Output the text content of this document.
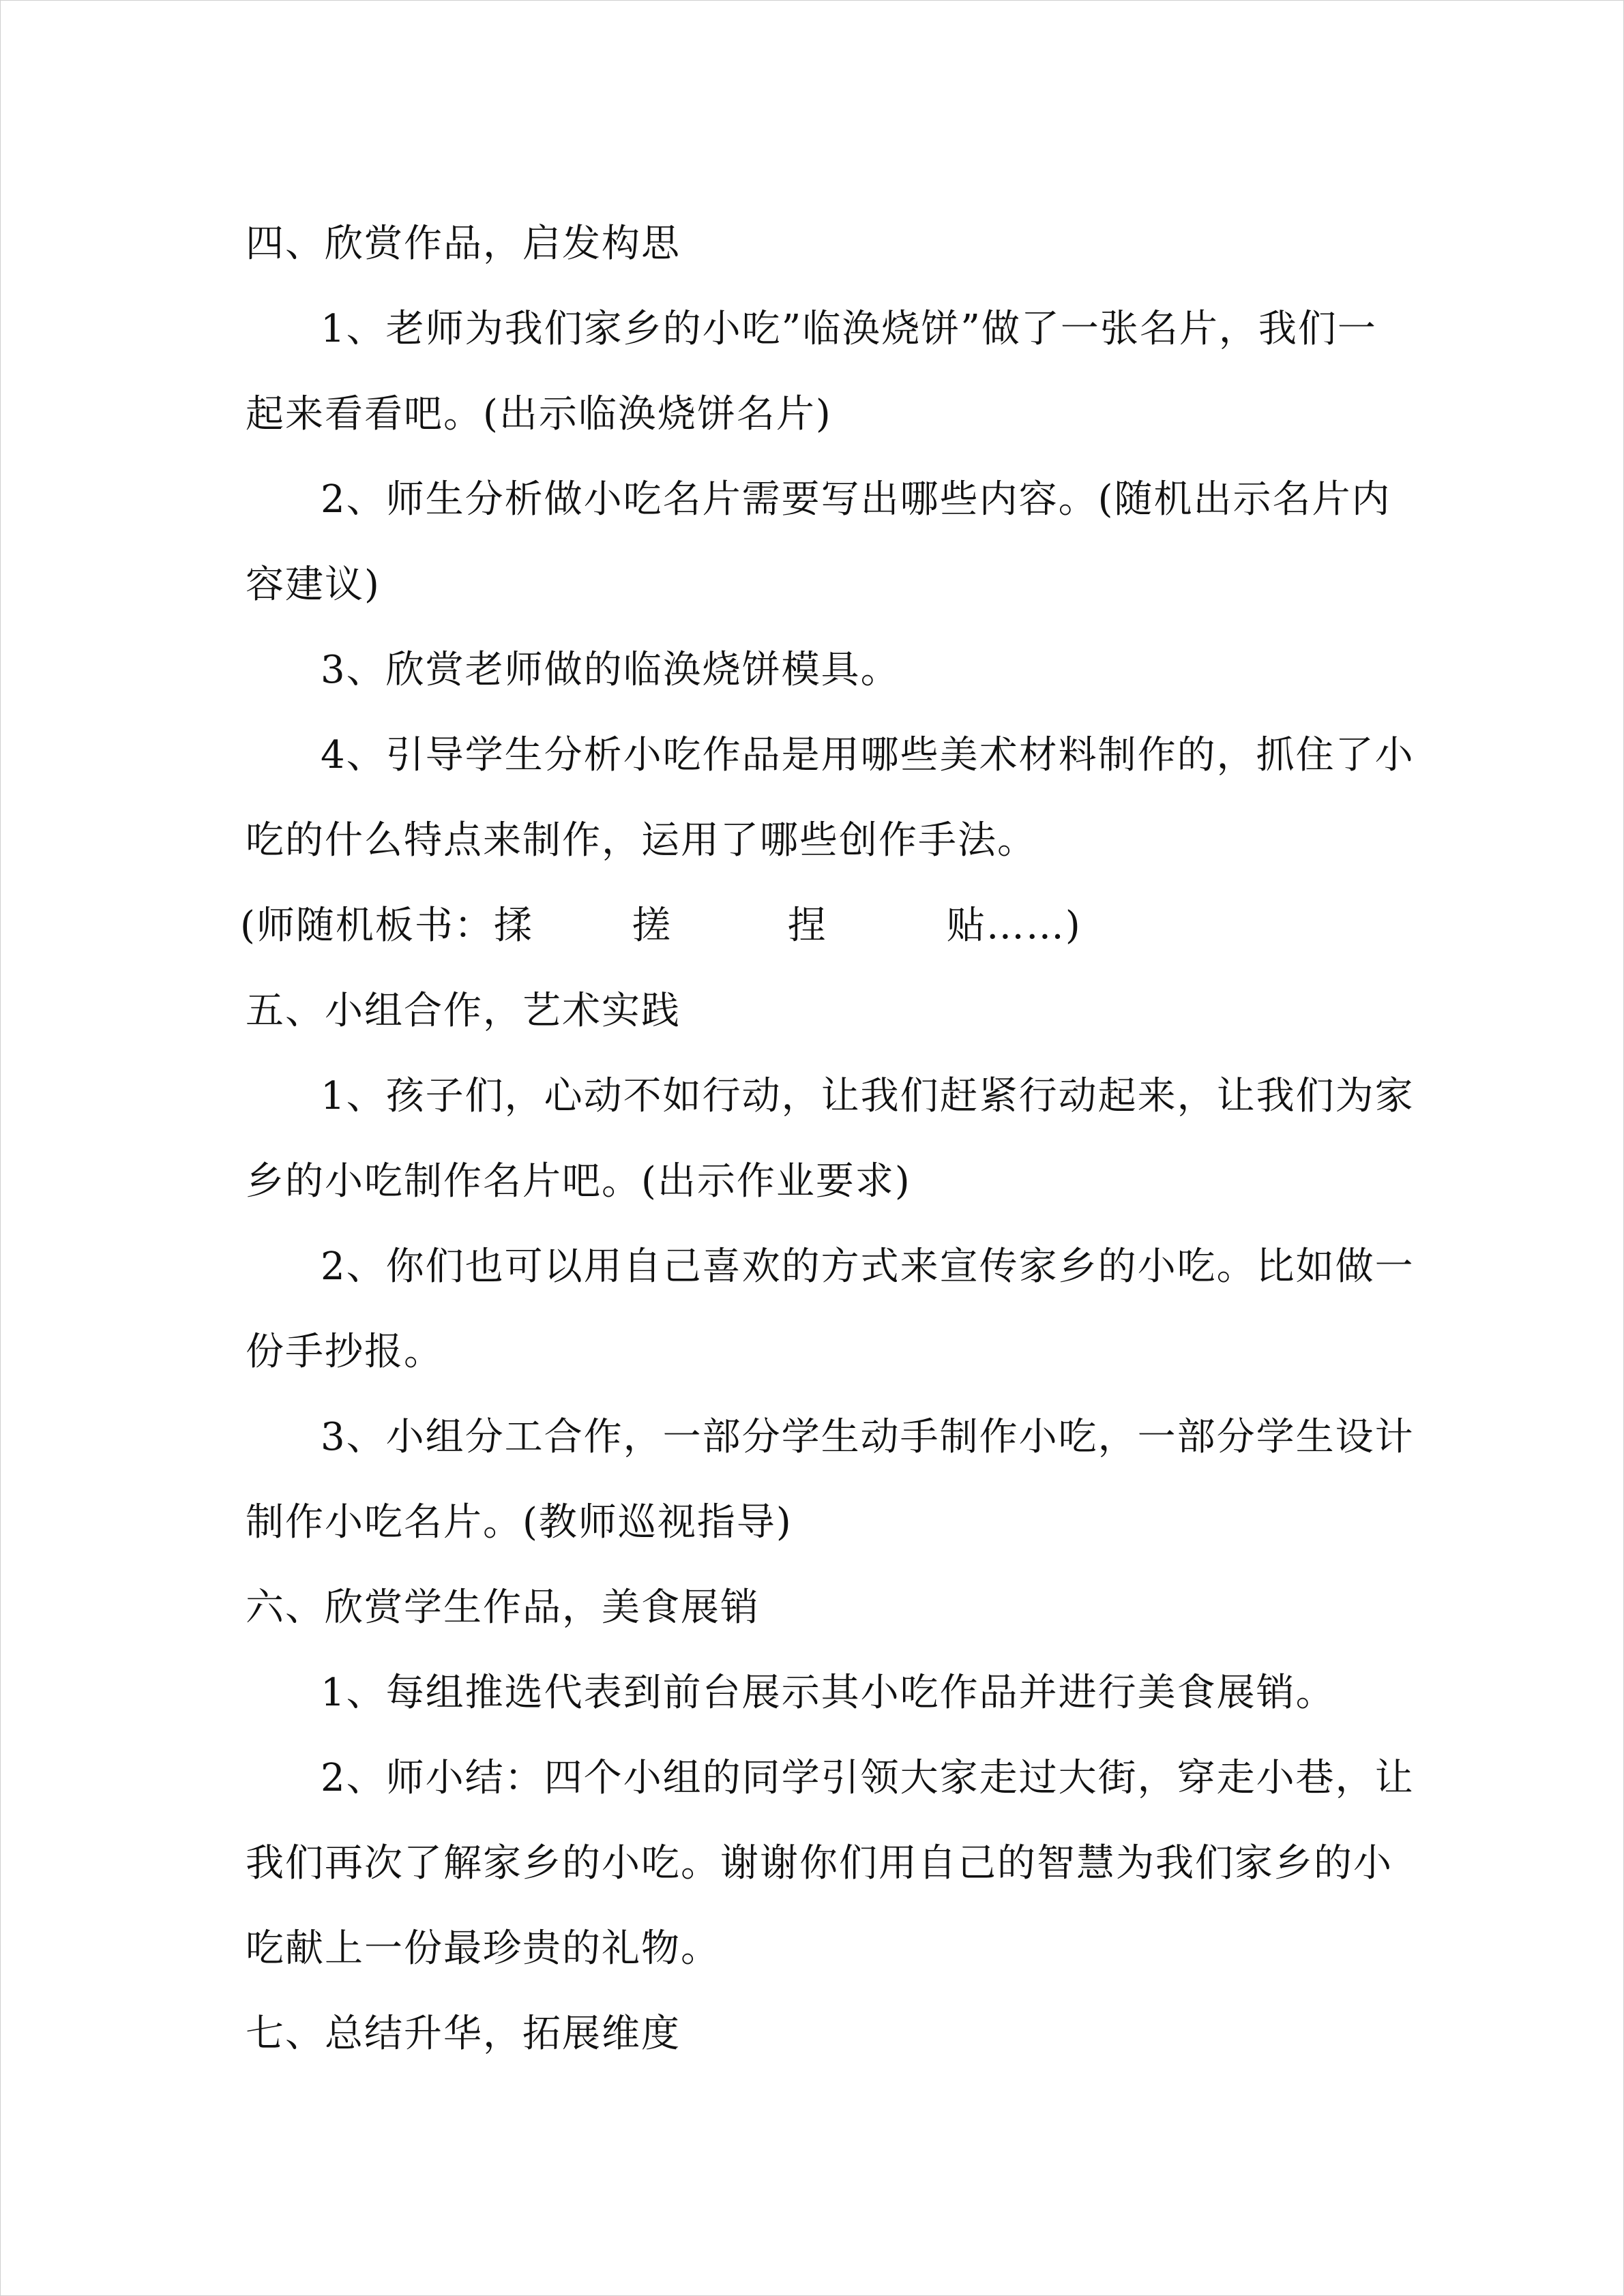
四、欣赏作品，启发构思
1、老师为我们家乡的小吃”临涣烧饼”做了一张名片，我们一
起来看看吧。(出示临涣烧饼名片)
2、师生分析做小吃名片需要写出哪些内容。(随机出示名片内
容建议)
3、欣赏老师做的临涣烧饼模具。
4、引导学生分析小吃作品是用哪些美术材料制作的，抓住了小
吃的什么特点来制作，运用了哪些创作手法。
(师随机板书：揉	搓	捏	贴……)
五、小组合作，艺术实践
1、孩子们，心动不如行动，让我们赶紧行动起来，让我们为家
乡的小吃制作名片吧。(出示作业要求)
2、你们也可以用自己喜欢的方式来宣传家乡的小吃。比如做一
份手抄报。
3、小组分工合作，一部分学生动手制作小吃，一部分学生设计
制作小吃名片。(教师巡视指导)
六、欣赏学生作品，美食展销
1、每组推选代表到前台展示其小吃作品并进行美食展销。
2、师小结：四个小组的同学引领大家走过大街，穿走小巷，让
我们再次了解家乡的小吃。谢谢你们用自己的智慧为我们家乡的小
吃献上一份最珍贵的礼物。
七、总结升华，拓展维度
